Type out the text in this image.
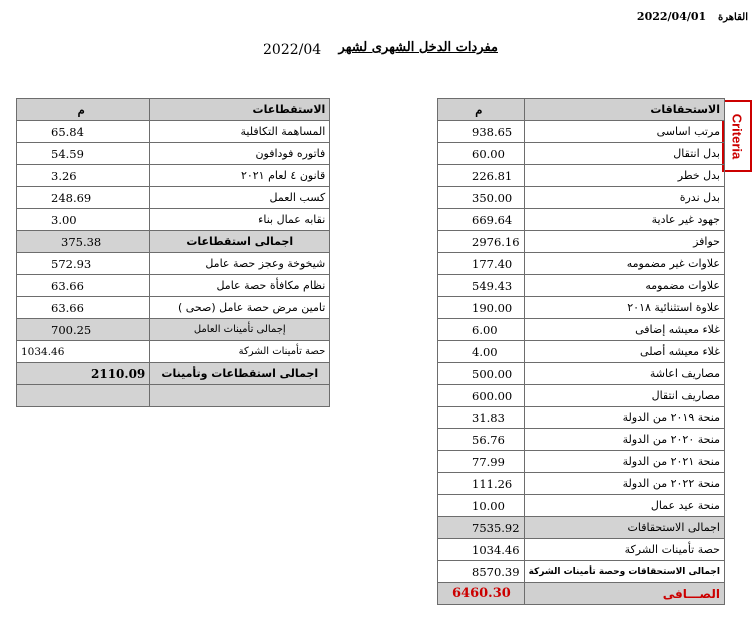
القاهرة 2022/04/01
مفردات الدخل الشهرى لشهر
2022/04
Criteria
م	الاستحقاقات
938.65	مرتب اساسى
60.00	بدل انتقال
226.81	بدل خطر
350.00	بدل ندرة
669.64	جهود غير عادية
2976.16	حوافز
177.40	علاوات غير مضمومه
549.43	علاوات مضمومه
190.00	علاوة استثنائية ٢٠١٨
6.00	غلاء معيشه إضافى
4.00	غلاء معيشه أصلى
500.00	مصاريف اعاشة
600.00	مصاريف انتقال
31.83	منحة ٢٠١٩ من الدولة
56.76	منحة ٢٠٢٠ من الدولة
77.99	منحة ٢٠٢١ من الدولة
111.26	منحة ٢٠٢٢ من الدولة
10.00	منحة عيد عمال
7535.92	اجمالى الاستحقاقات
1034.46	حصة تأمينات الشركة
8570.39	اجمالى الاستحقاقات وحصة تأمينات الشركة
6460.30	الصـــافى
م	الاستقطاعات
65.84	المساهمة التكافلية
54.59	فاتوره فودافون
3.26	قانون ٤ لعام ٢٠٢١
248.69	كسب العمل
3.00	نقابه عمال بناء
375.38	اجمالى استقطاعات
572.93	شيخوخة وعجز حصة عامل
63.66	نظام مكافأة حصة عامل
63.66	تامين مرض حصة عامل (صحى )
700.25	إجمالى تأمينات العامل
1034.46	حصة تأمينات الشركة
2110.09	اجمالى استقطاعات وتأمينات
